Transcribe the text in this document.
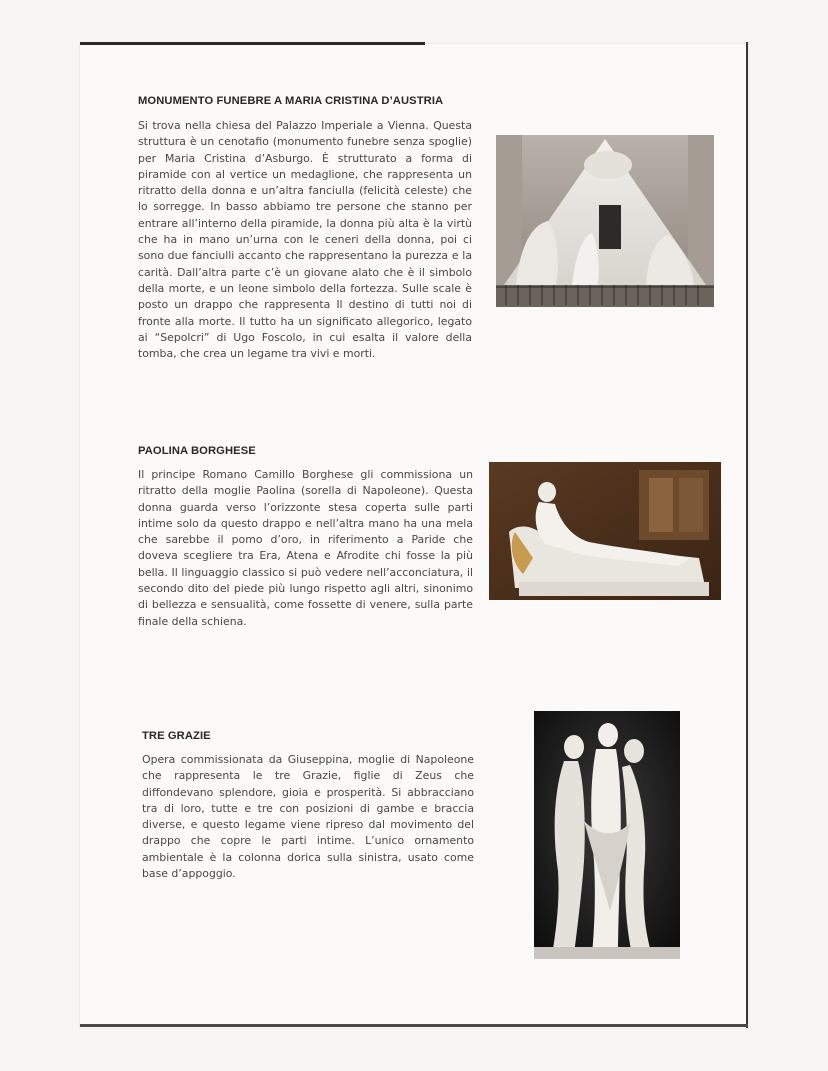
MONUMENTO FUNEBRE A MARIA CRISTINA D’AUSTRIA

Si trova nella chiesa del Palazzo Imperiale a Vienna. Questa struttura è un cenotafio (monumento funebre senza spoglie) per Maria Cristina d’Asburgo. È strutturato a forma di piramide con al vertice un medaglione, che rappresenta un ritratto della donna e un’altra fanciulla (felicità celeste) che lo sorregge. In basso abbiamo tre persone che stanno per entrare all’interno della piramide, la donna più alta è la virtù che ha in mano un’urna con le ceneri della donna, poi ci sono due fanciulli accanto che rappresentano la purezza e la carità. Dall’altra parte c’è un giovane alato che è il simbolo della morte, e un leone simbolo della fortezza. Sulle scale è posto un drappo che rappresenta Il destino di tutti noi di fronte alla morte. Il tutto ha un significato allegorico, legato ai “Sepolcri” di Ugo Foscolo, in cui esalta il valore della tomba, che crea un legame tra vivi e morti.

PAOLINA BORGHESE

Il principe Romano Camillo Borghese gli commissiona un ritratto della moglie Paolina (sorella di Napoleone). Questa donna guarda verso l’orizzonte stesa coperta sulle parti intime solo da questo drappo e nell’altra mano ha una mela che sarebbe il pomo d’oro, in riferimento a Paride che doveva scegliere tra Era, Atena e Afrodite chi fosse la più bella. Il linguaggio classico si può vedere nell’acconciatura, il secondo dito del piede più lungo rispetto agli altri, sinonimo di bellezza e sensualità, come fossette di venere, sulla parte finale della schiena.

TRE GRAZIE

Opera commissionata da Giuseppina, moglie di Napoleone che rappresenta le tre Grazie, figlie di Zeus che diffondevano splendore, gioia e prosperità. Si abbracciano tra di loro, tutte e tre con posizioni di gambe e braccia diverse, e questo legame viene ripreso dal movimento del drappo che copre le parti intime. L’unico ornamento ambientale è la colonna dorica sulla sinistra, usato come base d’appoggio.
